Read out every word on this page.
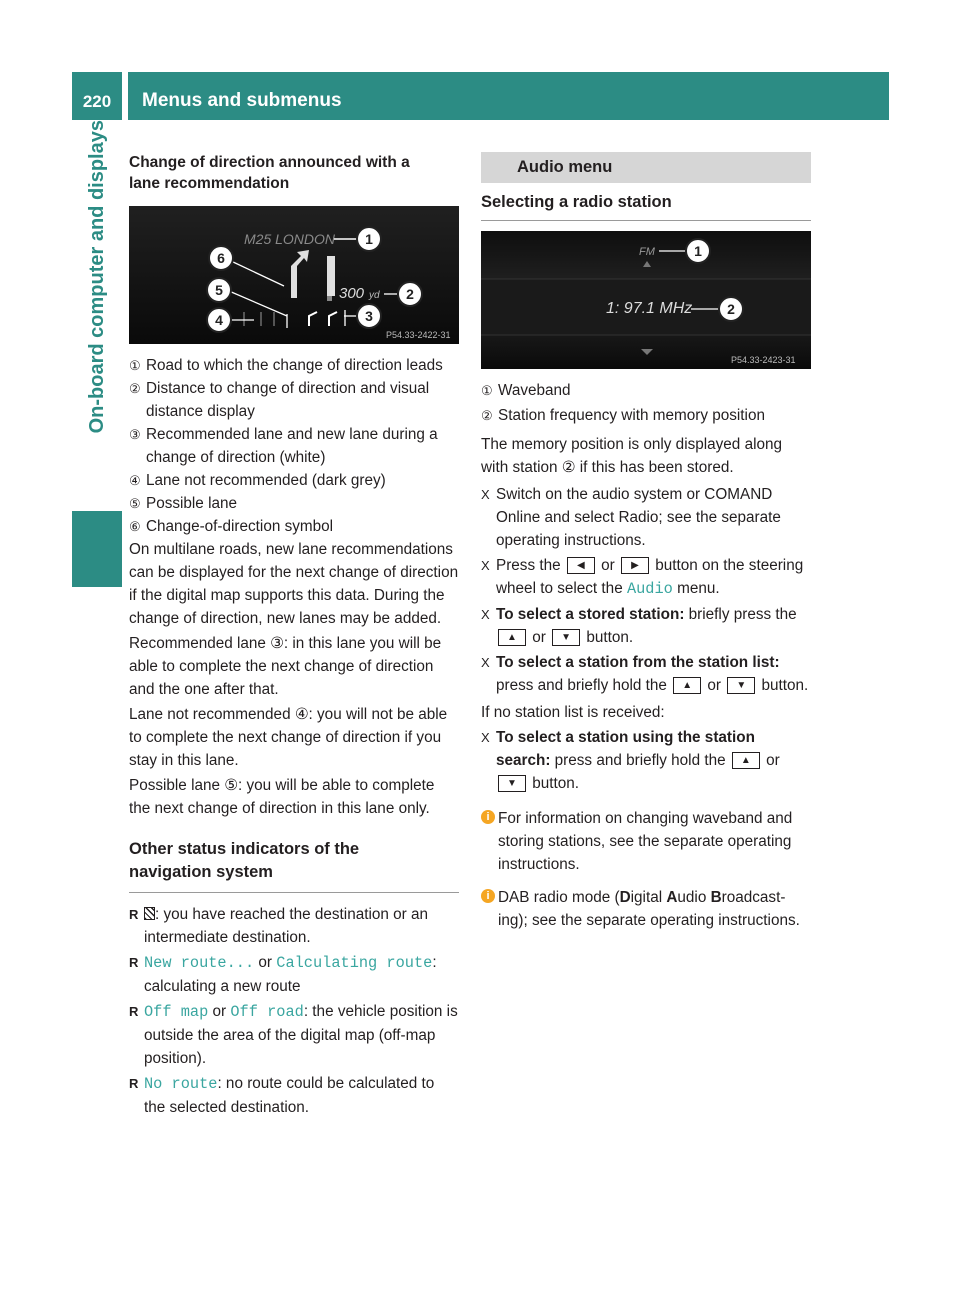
220	Menus and submenus
On-board computer and displays	Change of direction announced with a lane recommendation
M25 LONDON
300 yd
P54.33-2422-31
1
2
3
4
5
6
① Road to which the change of direction leads
② Distance to change of direction and visual distance display
③ Recommended lane and new lane during a change of direction (white)
④ Lane not recommended (dark grey)
⑤ Possible lane
⑥ Change-of-direction symbol

On multilane roads, new lane recommendations can be displayed for the next change of direction if the digital map supports this data. During the change of direction, new lanes may be added.

Recommended lane ③: in this lane you will be able to complete the next change of direction and the one after that.

Lane not recommended ④: you will not be able to complete the next change of direction if you stay in this lane.

Possible lane ⑤: you will be able to complete the next change of direction in this lane only.

Other status indicators of the navigation system
R : you have reached the destination or an intermediate destination.
R New route... or Calculating route: calculating a new route
R Off map or Off road: the vehicle position is outside the area of the digital map (off-map position).
R No route: no route could be calculated to the selected destination.
Audio menu
Selecting a radio station
FM
1: 97.1 MHz
P54.33-2423-31
1
2
① Waveband
② Station frequency with memory position

The memory position is only displayed along with station ② if this has been stored.

X Switch on the audio system or COMAND Online and select Radio; see the separate operating instructions.
X Press the ◀ or ▶ button on the steering wheel to select the Audio menu.
X To select a stored station: briefly press the ▲ or ▼ button.
X To select a station from the station list: press and briefly hold the ▲ or ▼ button.

If no station list is received:

X To select a station using the station search: press and briefly hold the ▲ or ▼ button.
i For information on changing waveband and storing stations, see the separate operating instructions.
i DAB radio mode (Digital Audio Broadcast-ing); see the separate operating instructions.
